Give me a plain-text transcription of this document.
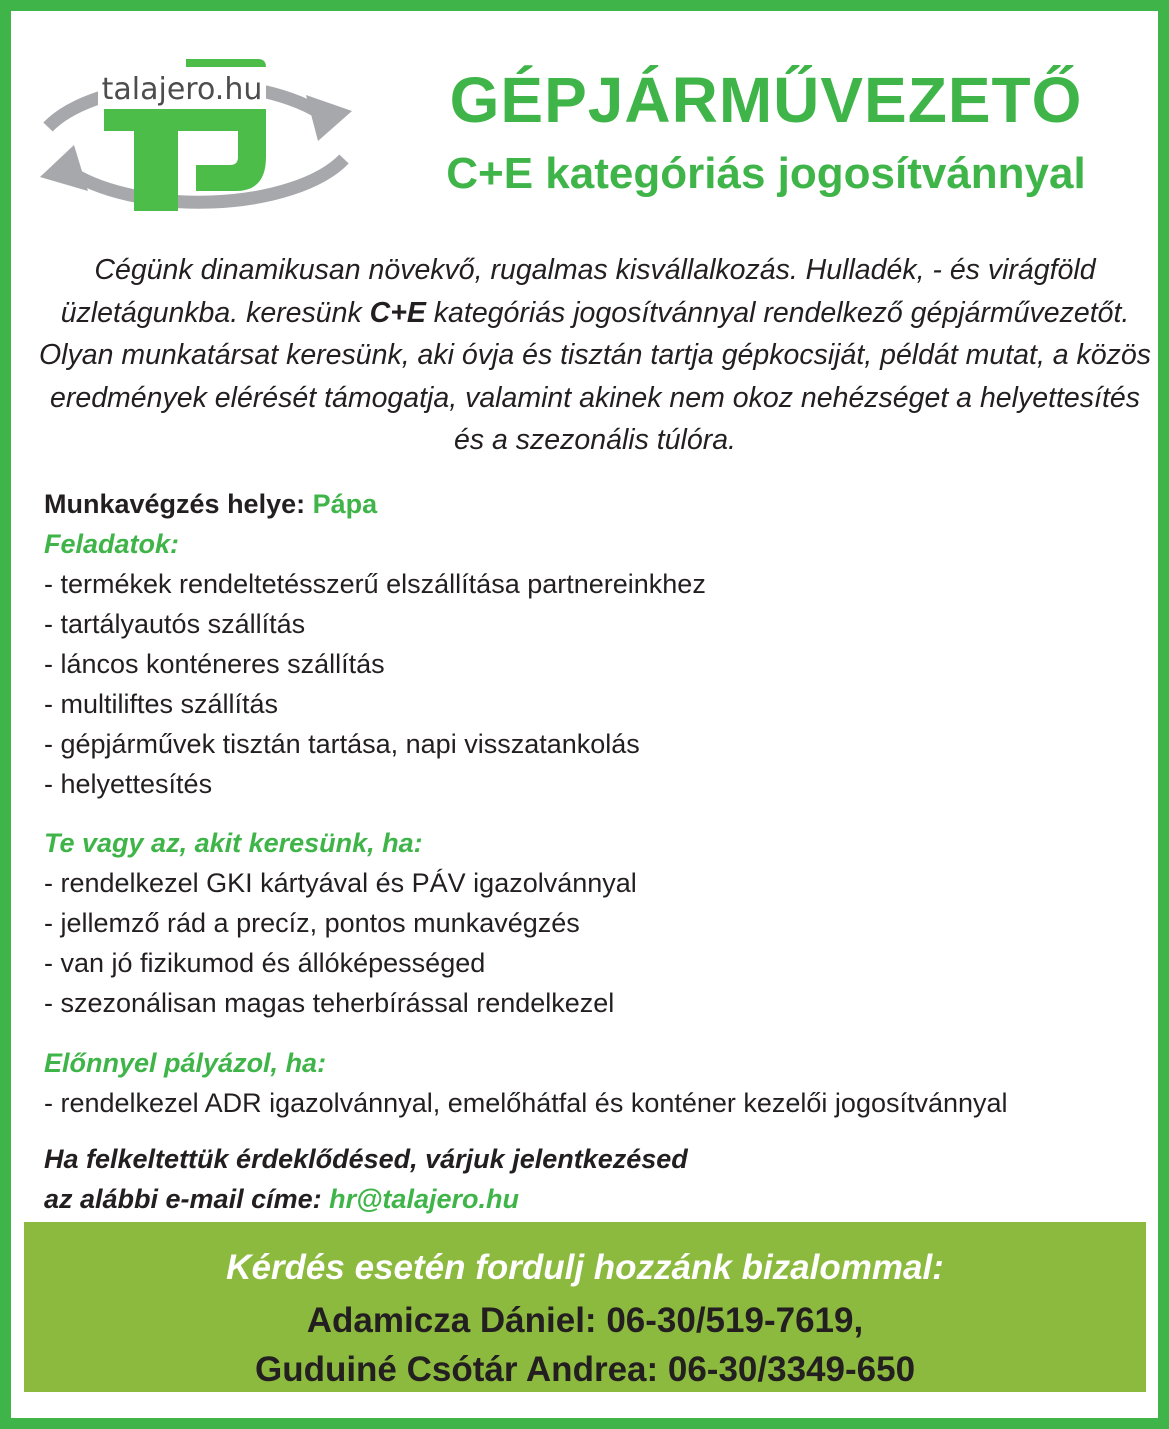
talajero.hu	GÉPJÁRMŰVEZETŐ
C+E kategóriás jogosítvánnyal

Cégünk dinamikusan növekvő, rugalmas kisvállalkozás. Hulladék, - és virágföld üzletágunkba. keresünk C+E kategóriás jogosítvánnyal rendelkező gépjárművezetőt. Olyan munkatársat keresünk, aki óvja és tisztán tartja gépkocsiját, példát mutat, a közös eredmények elérését támogatja, valamint akinek nem okoz nehézséget a helyettesítés és a szezonális túlóra.

Munkavégzés helye: Pápa
Feladatok:
- termékek rendeltetésszerű elszállítása partnereinkhez
- tartályautós szállítás
- láncos konténeres szállítás
- multiliftes szállítás
- gépjárművek tisztán tartása, napi visszatankolás
- helyettesítés
Te vagy az, akit keresünk, ha:
- rendelkezel GKI kártyával és PÁV igazolvánnyal
- jellemző rád a precíz, pontos munkavégzés
- van jó fizikumod és állóképességed
- szezonálisan magas teherbírással rendelkezel
Előnnyel pályázol, ha:
- rendelkezel ADR igazolvánnyal, emelőhátfal és konténer kezelői jogosítvánnyal
Ha felkeltettük érdeklődésed, várjuk jelentkezésed
az alábbi e-mail címe: hr@talajero.hu
Kérdés esetén fordulj hozzánk bizalommal:
Adamicza Dániel: 06-30/519-7619,
Guduiné Csótár Andrea: 06-30/3349-650
